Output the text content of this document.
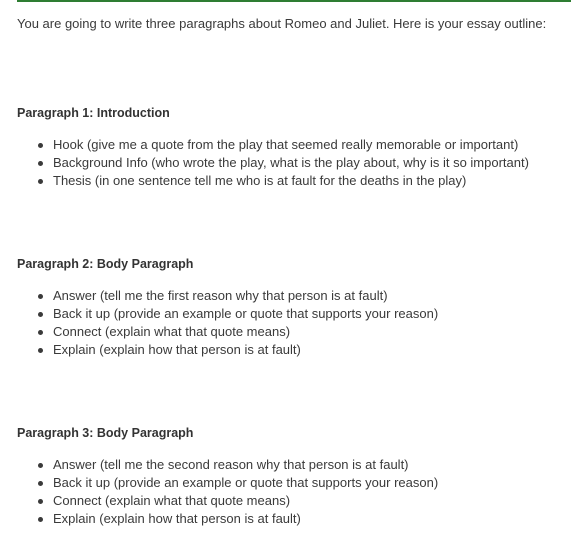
You are going to write three paragraphs about Romeo and Juliet. Here is your essay outline:
Paragraph 1: Introduction
Hook (give me a quote from the play that seemed really memorable or important)
Background Info (who wrote the play, what is the play about, why is it so important)
Thesis (in one sentence tell me who is at fault for the deaths in the play)
Paragraph 2: Body Paragraph
Answer (tell me the first reason why that person is at fault)
Back it up (provide an example or quote that supports your reason)
Connect (explain what that quote means)
Explain (explain how that person is at fault)
Paragraph 3: Body Paragraph
Answer (tell me the second reason why that person is at fault)
Back it up (provide an example or quote that supports your reason)
Connect (explain what that quote means)
Explain (explain how that person is at fault)
